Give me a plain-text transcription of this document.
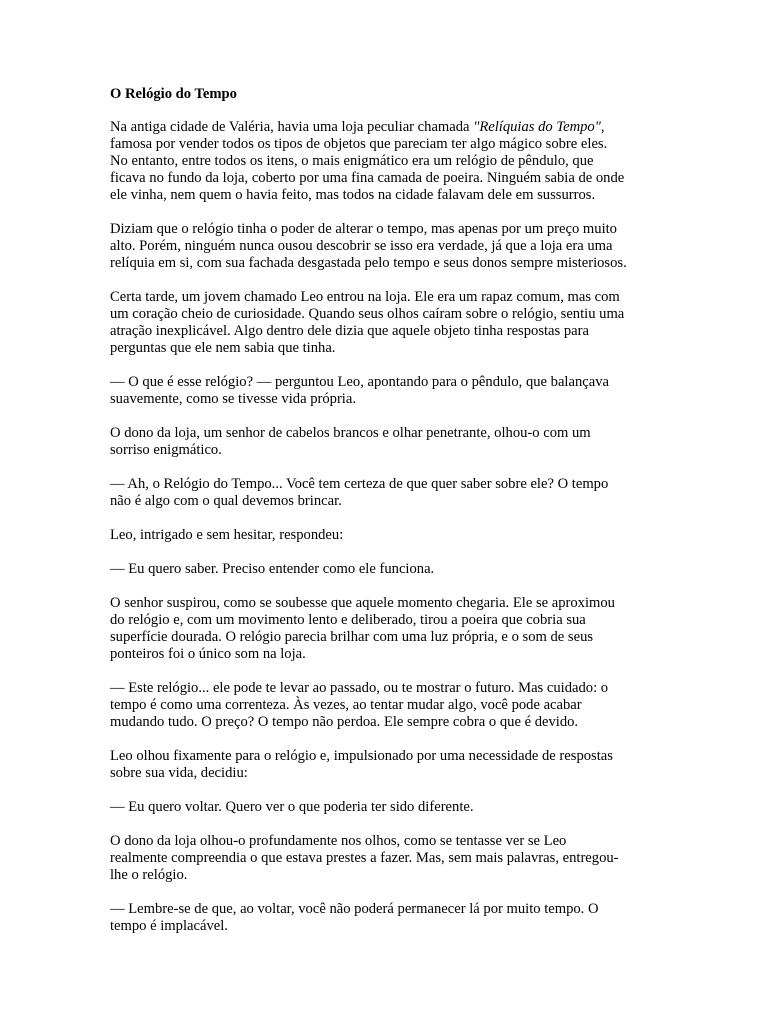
O Relógio do Tempo
Na antiga cidade de Valéria, havia uma loja peculiar chamada "Relíquias do Tempo",
famosa por vender todos os tipos de objetos que pareciam ter algo mágico sobre eles.
No entanto, entre todos os itens, o mais enigmático era um relógio de pêndulo, que
ficava no fundo da loja, coberto por uma fina camada de poeira. Ninguém sabia de onde
ele vinha, nem quem o havia feito, mas todos na cidade falavam dele em sussurros.
Diziam que o relógio tinha o poder de alterar o tempo, mas apenas por um preço muito
alto. Porém, ninguém nunca ousou descobrir se isso era verdade, já que a loja era uma
relíquia em si, com sua fachada desgastada pelo tempo e seus donos sempre misteriosos.
Certa tarde, um jovem chamado Leo entrou na loja. Ele era um rapaz comum, mas com
um coração cheio de curiosidade. Quando seus olhos caíram sobre o relógio, sentiu uma
atração inexplicável. Algo dentro dele dizia que aquele objeto tinha respostas para
perguntas que ele nem sabia que tinha.
— O que é esse relógio? — perguntou Leo, apontando para o pêndulo, que balançava
suavemente, como se tivesse vida própria.
O dono da loja, um senhor de cabelos brancos e olhar penetrante, olhou-o com um
sorriso enigmático.
— Ah, o Relógio do Tempo... Você tem certeza de que quer saber sobre ele? O tempo
não é algo com o qual devemos brincar.
Leo, intrigado e sem hesitar, respondeu:
— Eu quero saber. Preciso entender como ele funciona.
O senhor suspirou, como se soubesse que aquele momento chegaria. Ele se aproximou
do relógio e, com um movimento lento e deliberado, tirou a poeira que cobria sua
superfície dourada. O relógio parecia brilhar com uma luz própria, e o som de seus
ponteiros foi o único som na loja.
— Este relógio... ele pode te levar ao passado, ou te mostrar o futuro. Mas cuidado: o
tempo é como uma correnteza. Às vezes, ao tentar mudar algo, você pode acabar
mudando tudo. O preço? O tempo não perdoa. Ele sempre cobra o que é devido.
Leo olhou fixamente para o relógio e, impulsionado por uma necessidade de respostas
sobre sua vida, decidiu:
— Eu quero voltar. Quero ver o que poderia ter sido diferente.
O dono da loja olhou-o profundamente nos olhos, como se tentasse ver se Leo
realmente compreendia o que estava prestes a fazer. Mas, sem mais palavras, entregou-
lhe o relógio.
— Lembre-se de que, ao voltar, você não poderá permanecer lá por muito tempo. O
tempo é implacável.
